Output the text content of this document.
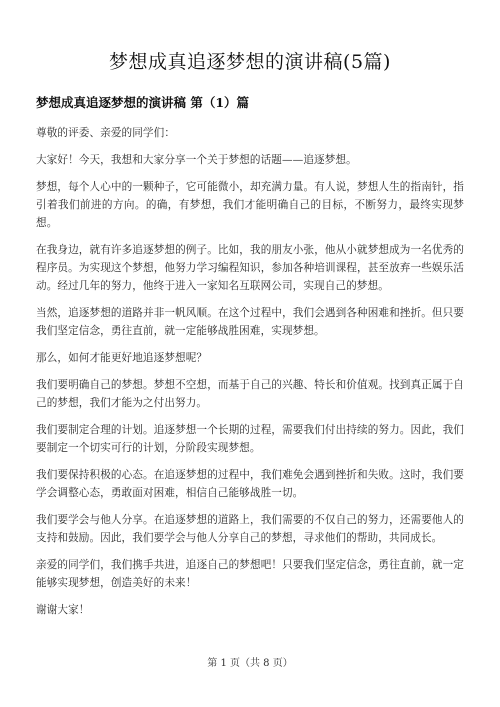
梦想成真追逐梦想的演讲稿(5篇)
梦想成真追逐梦想的演讲稿 第（1）篇

尊敬的评委、亲爱的同学们：

大家好！今天，我想和大家分享一个关于梦想的话题——追逐梦想。

梦想，每个人心中的一颗种子，它可能微小，却充满力量。有人说，梦想人生的指南针，指引着我们前进的方向。的确，有梦想，我们才能明确自己的目标，不断努力，最终实现梦想。

在我身边，就有许多追逐梦想的例子。比如，我的朋友小张，他从小就梦想成为一名优秀的程序员。为实现这个梦想，他努力学习编程知识，参加各种培训课程，甚至放弃一些娱乐活动。经过几年的努力，他终于进入一家知名互联网公司，实现自己的梦想。

当然，追逐梦想的道路并非一帆风顺。在这个过程中，我们会遇到各种困难和挫折。但只要我们坚定信念，勇往直前，就一定能够战胜困难，实现梦想。

那么，如何才能更好地追逐梦想呢？

我们要明确自己的梦想。梦想不空想，而基于自己的兴趣、特长和价值观。找到真正属于自己的梦想，我们才能为之付出努力。

我们要制定合理的计划。追逐梦想一个长期的过程，需要我们付出持续的努力。因此，我们要制定一个切实可行的计划，分阶段实现梦想。

我们要保持积极的心态。在追逐梦想的过程中，我们难免会遇到挫折和失败。这时，我们要学会调整心态，勇敢面对困难，相信自己能够战胜一切。

我们要学会与他人分享。在追逐梦想的道路上，我们需要的不仅自己的努力，还需要他人的支持和鼓励。因此，我们要学会与他人分享自己的梦想，寻求他们的帮助，共同成长。

亲爱的同学们，我们携手共进，追逐自己的梦想吧！只要我们坚定信念，勇往直前，就一定能够实现梦想，创造美好的未来！

谢谢大家！

第 1 页（共 8 页）
